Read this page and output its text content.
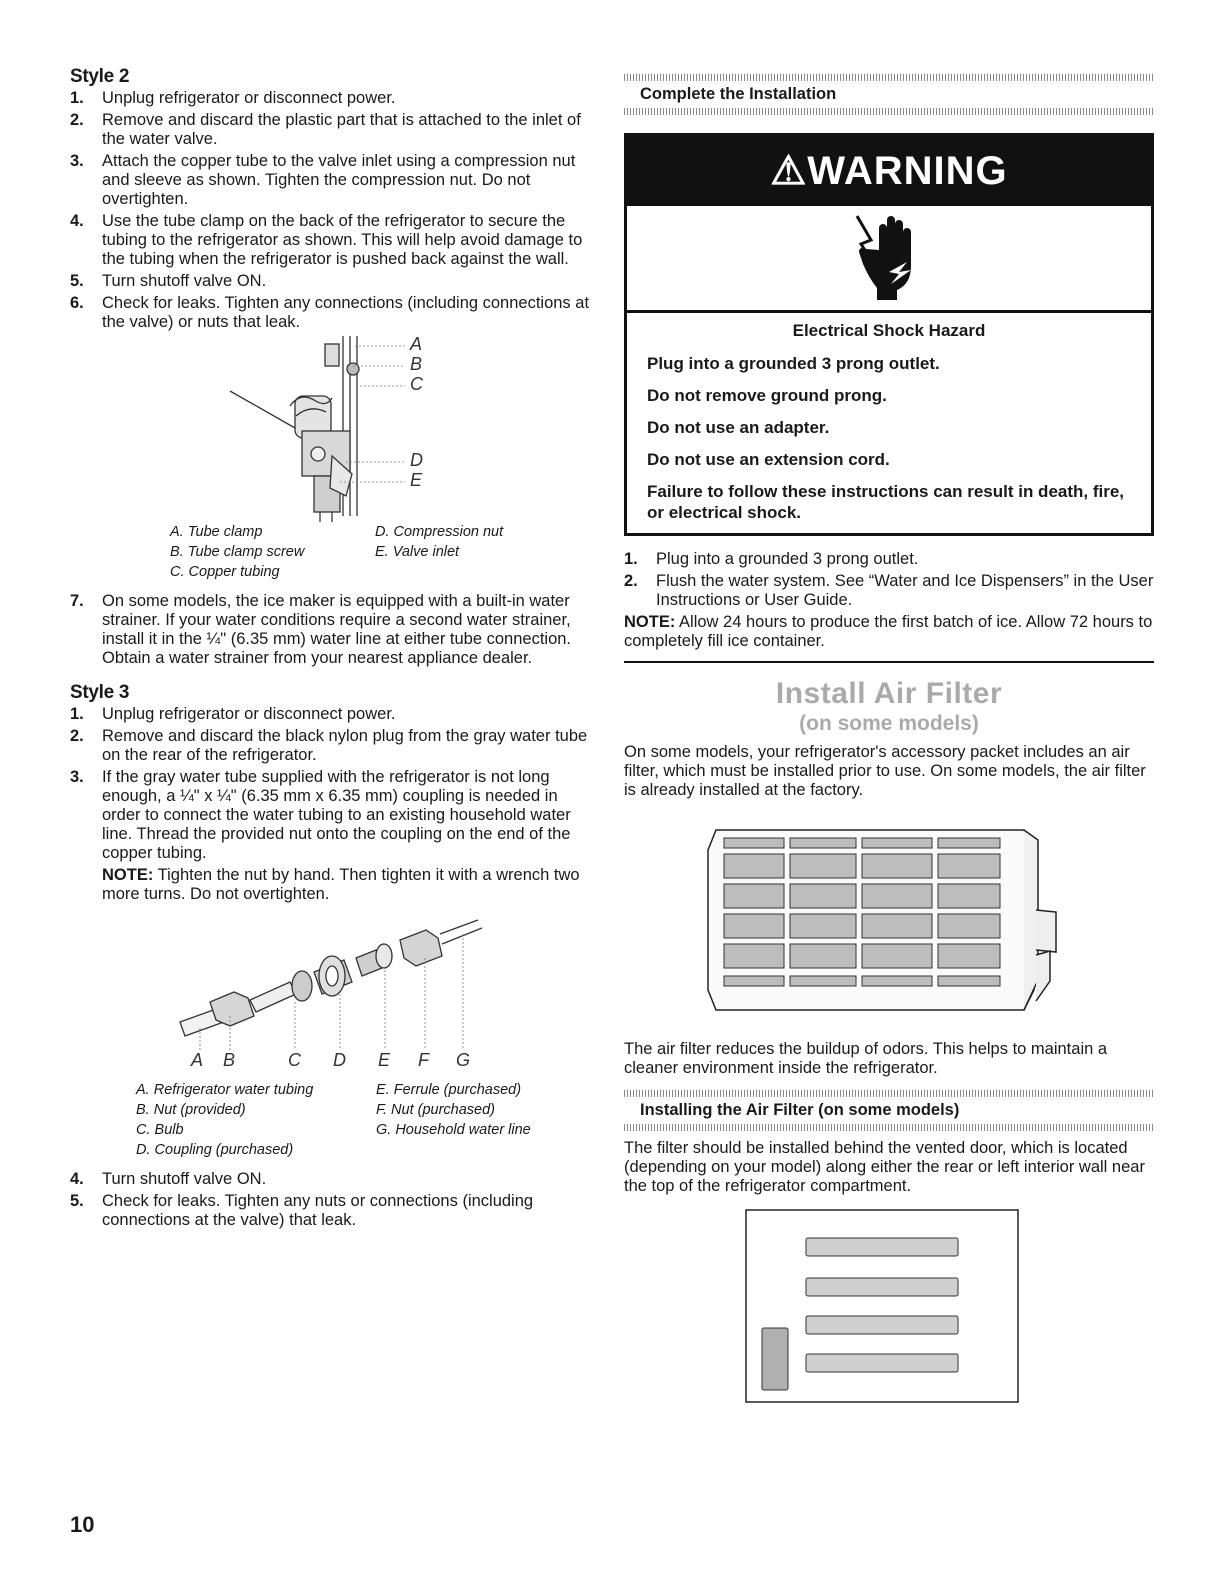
Style 2
1. Unplug refrigerator or disconnect power.
2. Remove and discard the plastic part that is attached to the inlet of the water valve.
3. Attach the copper tube to the valve inlet using a compression nut and sleeve as shown. Tighten the compression nut. Do not overtighten.
4. Use the tube clamp on the back of the refrigerator to secure the tubing to the refrigerator as shown. This will help avoid damage to the tubing when the refrigerator is pushed back against the wall.
5. Turn shutoff valve ON.
6. Check for leaks. Tighten any connections (including connections at the valve) or nuts that leak.
A
B
C
D
E
A. Tube clamp	D. Compression nut
B. Tube clamp screw	E. Valve inlet
C. Copper tubing
7. On some models, the ice maker is equipped with a built-in water strainer. If your water conditions require a second water strainer, install it in the ¼" (6.35 mm) water line at either tube connection. Obtain a water strainer from your nearest appliance dealer.
Style 3
1. Unplug refrigerator or disconnect power.
2. Remove and discard the black nylon plug from the gray water tube on the rear of the refrigerator.
3. If the gray water tube supplied with the refrigerator is not long enough, a ¼" x ¼" (6.35 mm x 6.35 mm) coupling is needed in order to connect the water tubing to an existing household water line. Thread the provided nut onto the coupling on the end of the copper tubing.

NOTE: Tighten the nut by hand. Then tighten it with a wrench two more turns. Do not overtighten.

A B	C D E F G
A. Refrigerator water tubing	E. Ferrule (purchased)
B. Nut (provided)	F. Nut (purchased)
C. Bulb	G. Household water line
D. Coupling (purchased)
4. Turn shutoff valve ON.
5. Check for leaks. Tighten any nuts or connections (including connections at the valve) that leak.
Complete the Installation
⚠WARNING
Electrical Shock Hazard
Plug into a grounded 3 prong outlet.
Do not remove ground prong.
Do not use an adapter.
Do not use an extension cord.
Failure to follow these instructions can result in death, fire, or electrical shock.
1. Plug into a grounded 3 prong outlet.
2. Flush the water system. See “Water and Ice Dispensers” in the User Instructions or User Guide.

NOTE: Allow 24 hours to produce the first batch of ice. Allow 72 hours to completely fill ice container.

Install Air Filter
(on some models)

On some models, your refrigerator's accessory packet includes an air filter, which must be installed prior to use. On some models, the air filter is already installed at the factory.

The air filter reduces the buildup of odors. This helps to maintain a cleaner environment inside the refrigerator.

Installing the Air Filter (on some models)

The filter should be installed behind the vented door, which is located (depending on your model) along either the rear or left interior wall near the top of the refrigerator compartment.

10
